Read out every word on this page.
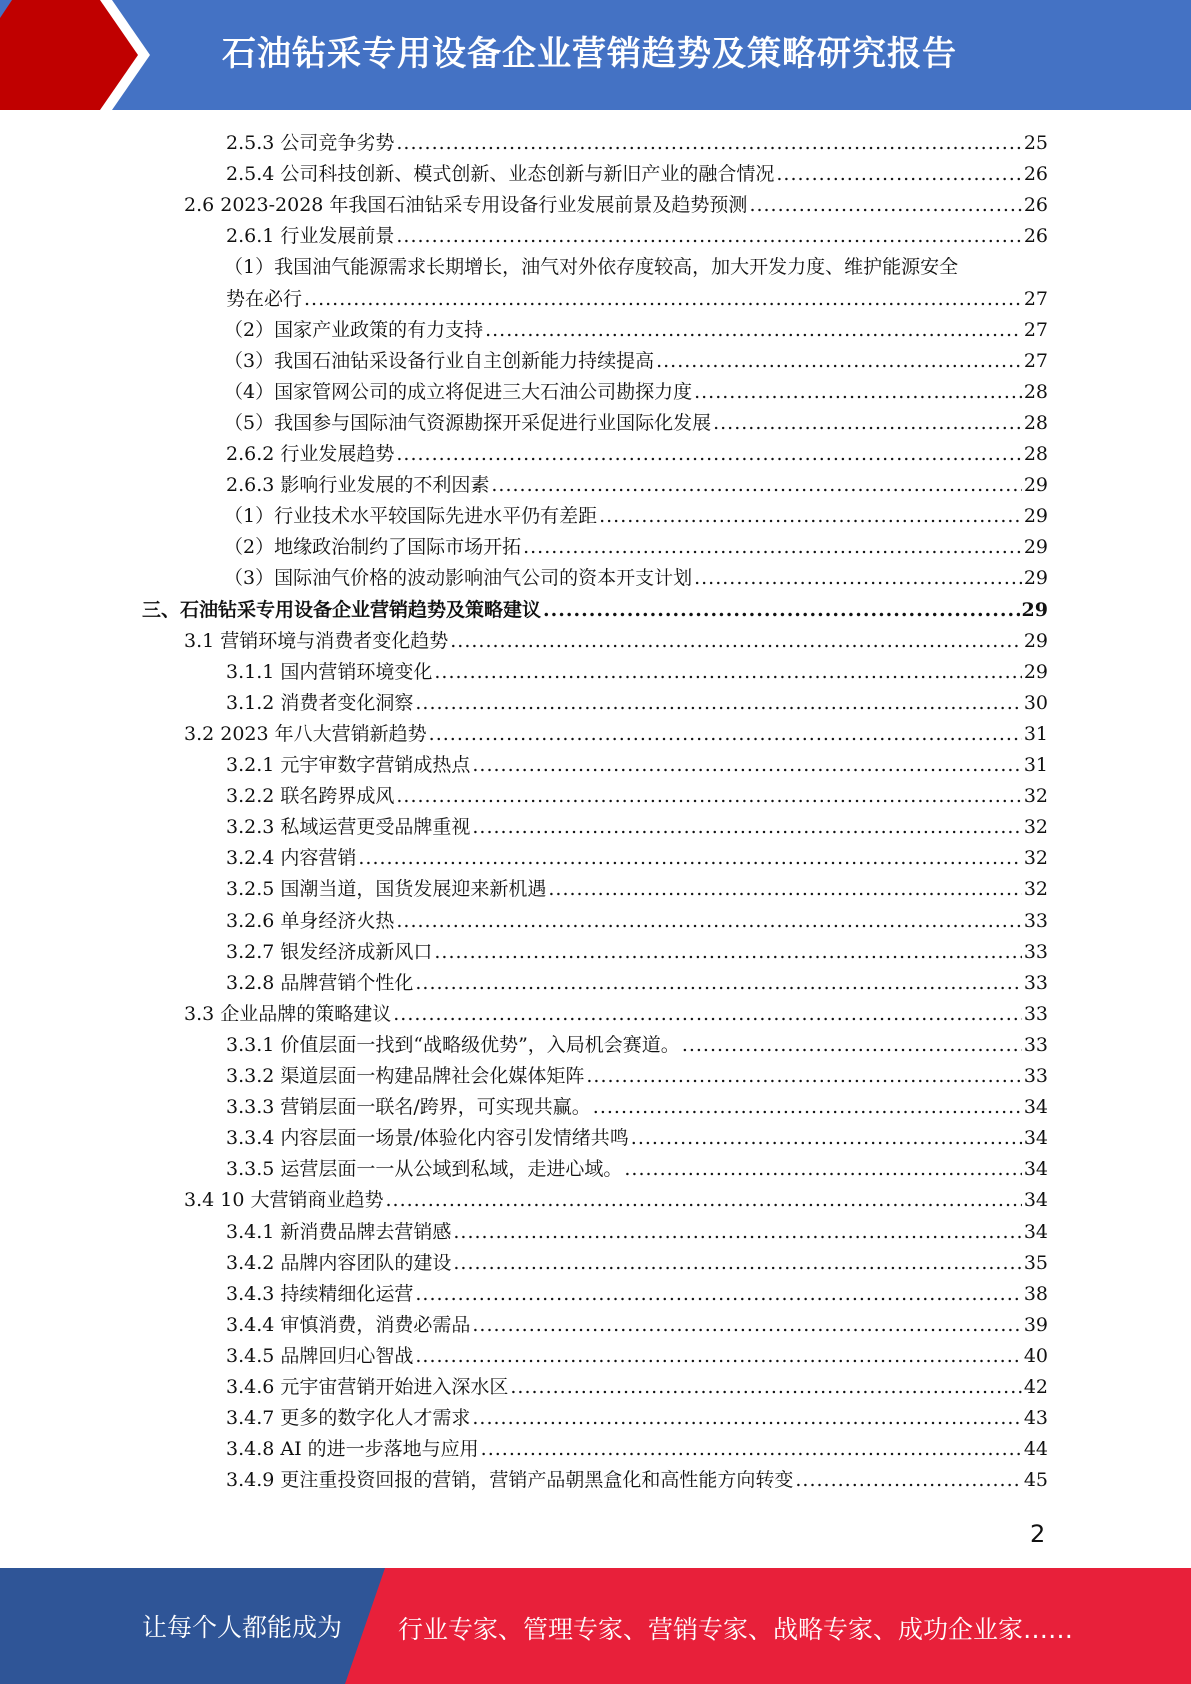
石油钻采专用设备企业营销趋势及策略研究报告
2.5.3 公司竞争劣势 .....	25
2.5.4 公司科技创新、模式创新、业态创新与新旧产业的融合情况 .....	26
2.6 2023-2028 年我国石油钻采专用设备行业发展前景及趋势预测 .....	26
2.6.1 行业发展前景 .....	26
（1）我国油气能源需求长期增长，油气对外依存度较高，加大开发力度、维护能源安全
势在必行 .....	27
（2）国家产业政策的有力支持 .....	27
（3）我国石油钻采设备行业自主创新能力持续提高 .....	27
（4）国家管网公司的成立将促进三大石油公司勘探力度 .....	28
（5）我国参与国际油气资源勘探开采促进行业国际化发展 .....	28
2.6.2 行业发展趋势 .....	28
2.6.3 影响行业发展的不利因素 .....	29
（1）行业技术水平较国际先进水平仍有差距 .....	29
（2）地缘政治制约了国际市场开拓 .....	29
（3）国际油气价格的波动影响油气公司的资本开支计划 .....	29
三、石油钻采专用设备企业营销趋势及策略建议 .....	29
3.1 营销环境与消费者变化趋势 .....	29
3.1.1 国内营销环境变化 .....	29
3.1.2 消费者变化洞察 .....	30
3.2 2023 年八大营销新趋势 .....	31
3.2.1 元宇审数字营销成热点 .....	31
3.2.2 联名跨界成风 .....	32
3.2.3 私域运营更受品牌重视 .....	32
3.2.4 内容营销 .....	32
3.2.5 国潮当道，国货发展迎来新机遇 .....	32
3.2.6 单身经济火热 .....	33
3.2.7 银发经济成新风口 .....	33
3.2.8 品牌营销个性化 .....	33
3.3 企业品牌的策略建议 .....	33
3.3.1 价值层面一找到“战略级优势”，入局机会赛道。 .....	33
3.3.2 渠道层面一构建品牌社会化媒体矩阵 .....	33
3.3.3 营销层面一联名/跨界，可实现共赢。 .....	34
3.3.4 内容层面一场景/体验化内容引发情绪共鸣 .....	34
3.3.5 运营层面一一从公域到私域，走进心域。 .....	34
3.4 10 大营销商业趋势 .....	34
3.4.1 新消费品牌去营销感 .....	34
3.4.2 品牌内容团队的建设 .....	35
3.4.3 持续精细化运营 .....	38
3.4.4 审慎消费，消费必需品 .....	39
3.4.5 品牌回归心智战 .....	40
3.4.6 元宇宙营销开始进入深水区 .....	42
3.4.7 更多的数字化人才需求 .....	43
3.4.8 AI 的进一步落地与应用 .....	44
3.4.9 更注重投资回报的营销，营销产品朝黑盒化和高性能方向转变 .....	45
2
让每个人都能成为 行业专家、管理专家、营销专家、战略专家、成功企业家……
